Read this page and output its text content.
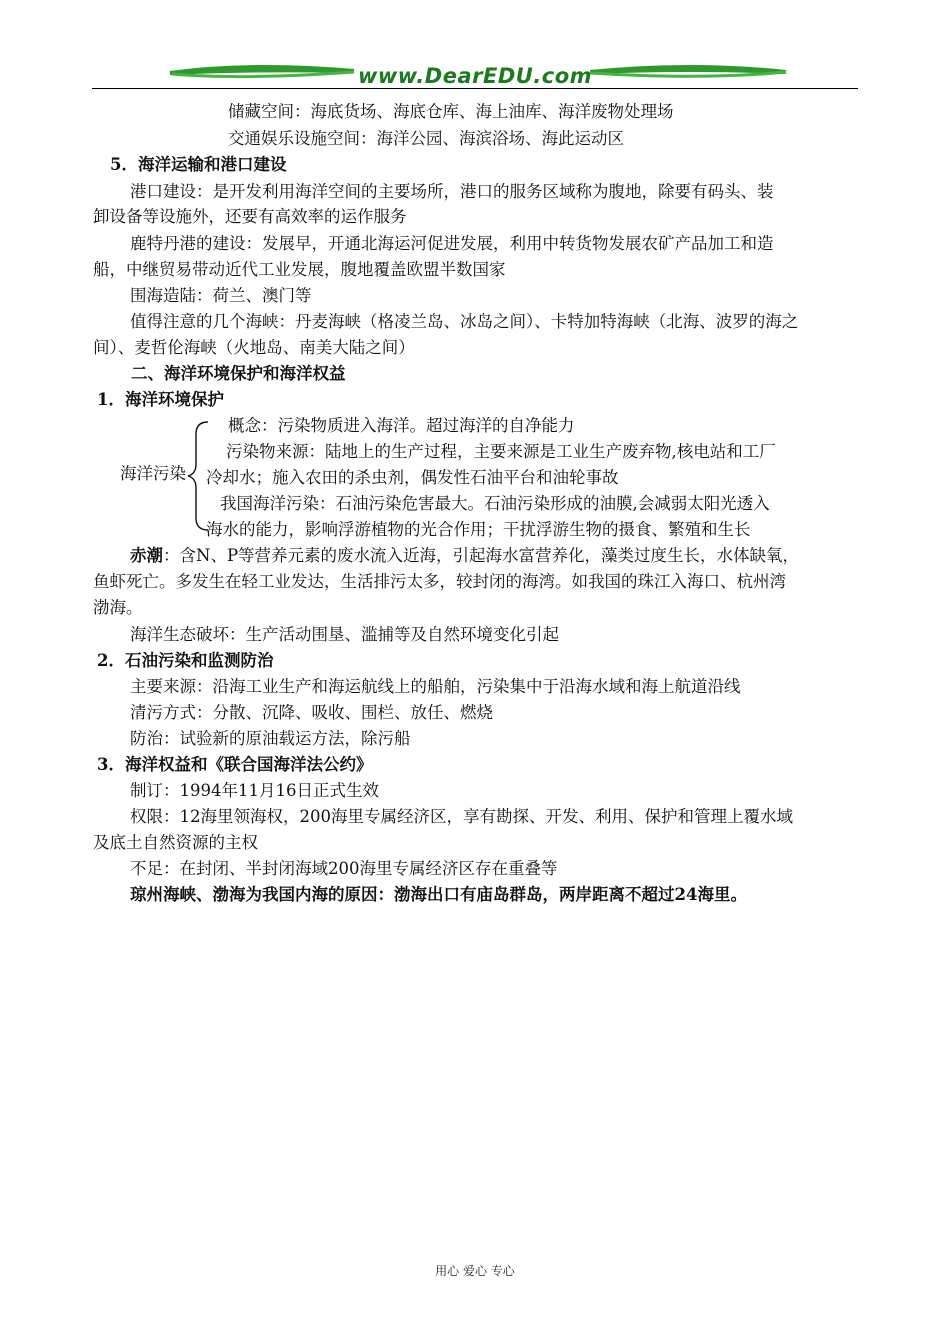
www.DearEDU.com
储藏空间：海底货场、海底仓库、海上油库、海洋废物处理场
交通娱乐设施空间：海洋公园、海滨浴场、海此运动区
5．海洋运输和港口建设
港口建设：是开发利用海洋空间的主要场所，港口的服务区域称为腹地，除要有码头、装
卸设备等设施外，还要有高效率的运作服务
鹿特丹港的建设：发展早，开通北海运河促进发展，利用中转货物发展农矿产品加工和造
船，中继贸易带动近代工业发展，腹地覆盖欧盟半数国家
围海造陆：荷兰、澳门等
值得注意的几个海峡：丹麦海峡（格凌兰岛、冰岛之间）、卡特加特海峡（北海、波罗的海之
间）、麦哲伦海峡（火地岛、南美大陆之间）
二、海洋环境保护和海洋权益
1．海洋环境保护
概念：污染物质进入海洋。超过海洋的自净能力
污染物来源：陆地上的生产过程，主要来源是工业生产废弃物,核电站和工厂
冷却水；施入农田的杀虫剂，偶发性石油平台和油轮事故
海洋污染
我国海洋污染：石油污染危害最大。石油污染形成的油膜,会减弱太阳光透入
海水的能力，影响浮游植物的光合作用；干扰浮游生物的摄食、繁殖和生长
赤潮：含N、P等营养元素的废水流入近海，引起海水富营养化，藻类过度生长，水体缺氧，
鱼虾死亡。多发生在轻工业发达，生活排污太多，较封闭的海湾。如我国的珠江入海口、杭州湾
渤海。
海洋生态破坏：生产活动围垦、滥捕等及自然环境变化引起
2．石油污染和监测防治
主要来源：沿海工业生产和海运航线上的船舶，污染集中于沿海水域和海上航道沿线
清污方式：分散、沉降、吸收、围栏、放任、燃烧
防治：试验新的原油载运方法，除污船
3．海洋权益和《联合国海洋法公约》
制订：1994年11月16日正式生效
权限：12海里领海权，200海里专属经济区，享有勘探、开发、利用、保护和管理上覆水域
及底土自然资源的主权
不足：在封闭、半封闭海域200海里专属经济区存在重叠等
琼州海峡、渤海为我国内海的原因：渤海出口有庙岛群岛，两岸距离不超过24海里。
用心 爱心 专心
